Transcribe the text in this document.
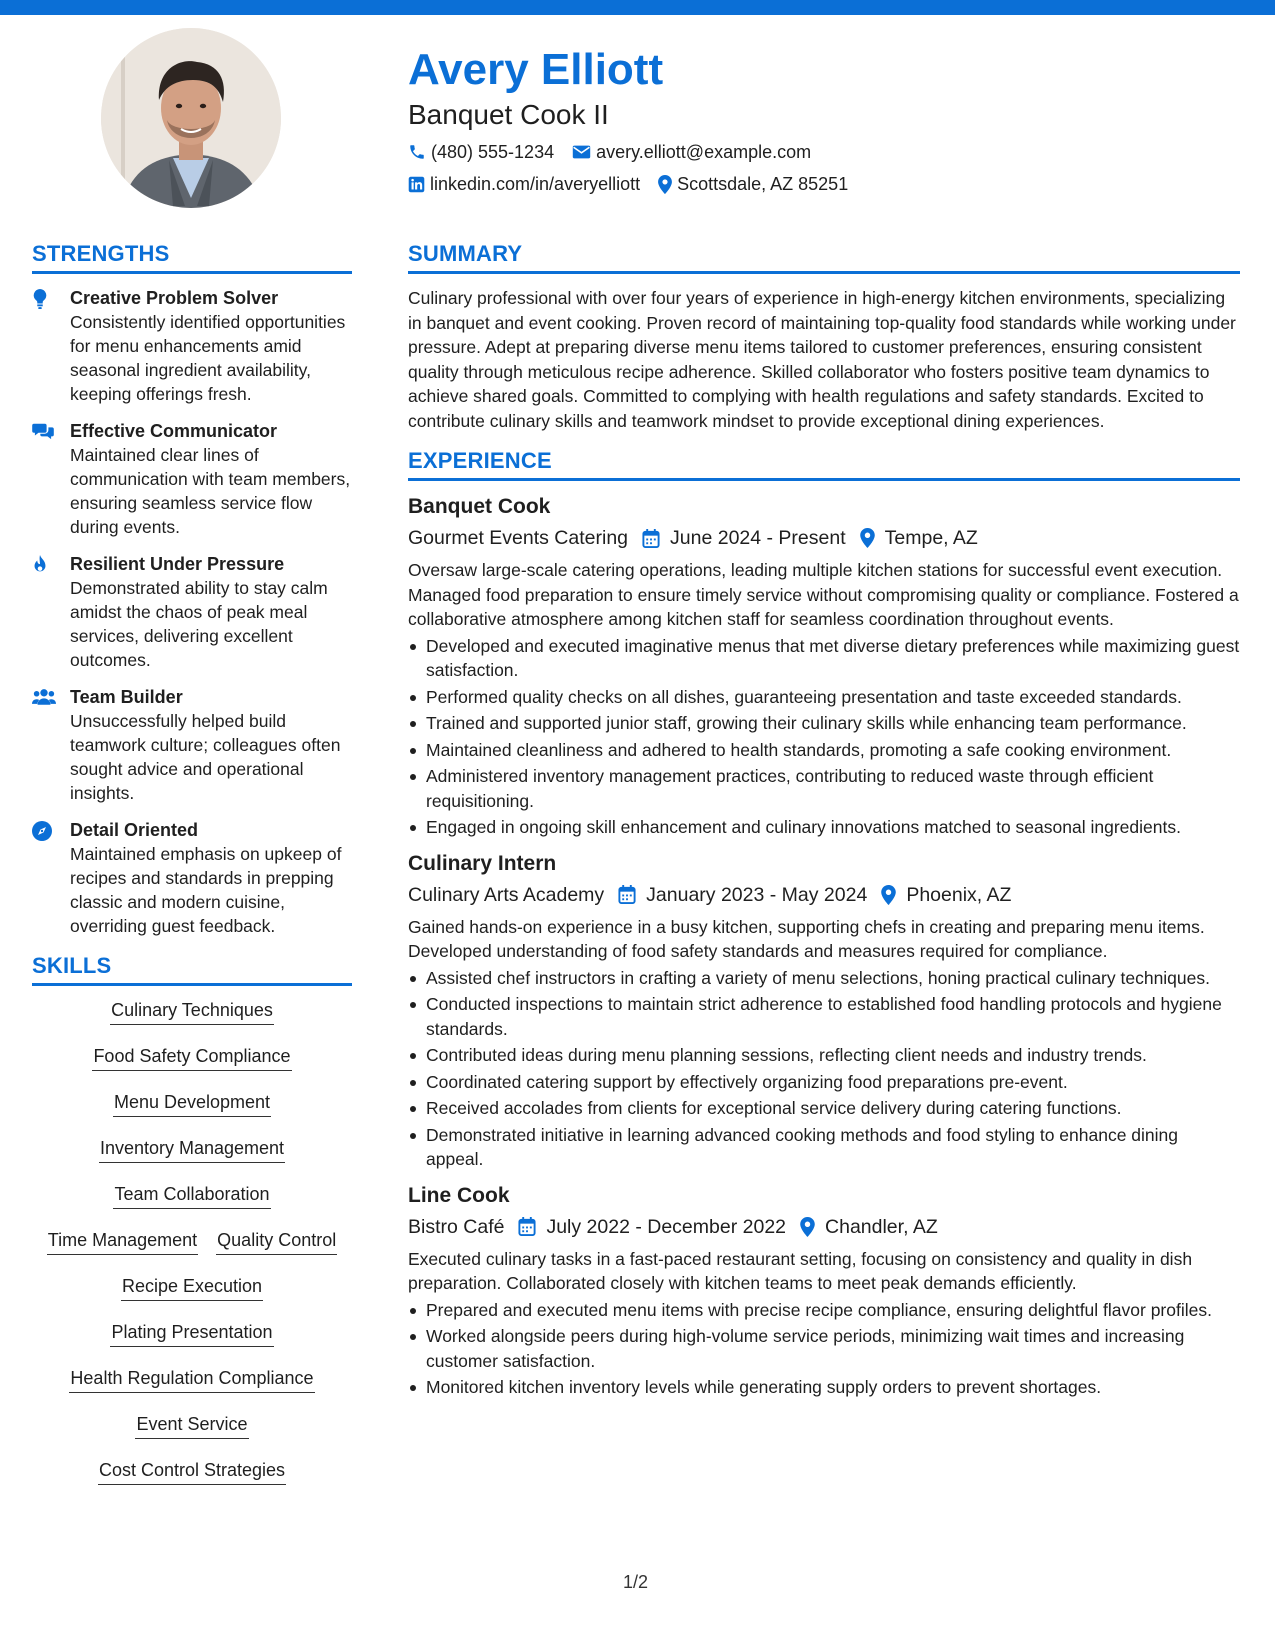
Avery Elliott
Banquet Cook II
(480) 555-1234 avery.elliott@example.com
linkedin.com/in/averyelliott Scottsdale, AZ 85251
STRENGTHS
Creative Problem Solver
Consistently identified opportunities for menu enhancements amid seasonal ingredient availability, keeping offerings fresh.
Effective Communicator
Maintained clear lines of communication with team members, ensuring seamless service flow during events.
Resilient Under Pressure
Demonstrated ability to stay calm amidst the chaos of peak meal services, delivering excellent outcomes.
Team Builder
Unsuccessfully helped build teamwork culture; colleagues often sought advice and operational insights.
Detail Oriented
Maintained emphasis on upkeep of recipes and standards in prepping classic and modern cuisine, overriding guest feedback.
SKILLS
Culinary Techniques
Food Safety Compliance
Menu Development
Inventory Management
Team Collaboration
Time Management Quality Control
Recipe Execution
Plating Presentation
Health Regulation Compliance
Event Service
Cost Control Strategies
SUMMARY
Culinary professional with over four years of experience in high-energy kitchen environments, specializing in banquet and event cooking. Proven record of maintaining top-quality food standards while working under pressure. Adept at preparing diverse menu items tailored to customer preferences, ensuring consistent quality through meticulous recipe adherence. Skilled collaborator who fosters positive team dynamics to achieve shared goals. Committed to complying with health regulations and safety standards. Excited to contribute culinary skills and teamwork mindset to provide exceptional dining experiences.
EXPERIENCE
Banquet Cook
Gourmet Events Catering June 2024 - Present Tempe, AZ
Oversaw large-scale catering operations, leading multiple kitchen stations for successful event execution. Managed food preparation to ensure timely service without compromising quality or compliance. Fostered a collaborative atmosphere among kitchen staff for seamless coordination throughout events.
Developed and executed imaginative menus that met diverse dietary preferences while maximizing guest satisfaction.
Performed quality checks on all dishes, guaranteeing presentation and taste exceeded standards.
Trained and supported junior staff, growing their culinary skills while enhancing team performance.
Maintained cleanliness and adhered to health standards, promoting a safe cooking environment.
Administered inventory management practices, contributing to reduced waste through efficient requisitioning.
Engaged in ongoing skill enhancement and culinary innovations matched to seasonal ingredients.
Culinary Intern
Culinary Arts Academy January 2023 - May 2024 Phoenix, AZ
Gained hands-on experience in a busy kitchen, supporting chefs in creating and preparing menu items. Developed understanding of food safety standards and measures required for compliance.
Assisted chef instructors in crafting a variety of menu selections, honing practical culinary techniques.
Conducted inspections to maintain strict adherence to established food handling protocols and hygiene standards.
Contributed ideas during menu planning sessions, reflecting client needs and industry trends.
Coordinated catering support by effectively organizing food preparations pre-event.
Received accolades from clients for exceptional service delivery during catering functions.
Demonstrated initiative in learning advanced cooking methods and food styling to enhance dining appeal.
Line Cook
Bistro Café July 2022 - December 2022 Chandler, AZ
Executed culinary tasks in a fast-paced restaurant setting, focusing on consistency and quality in dish preparation. Collaborated closely with kitchen teams to meet peak demands efficiently.
Prepared and executed menu items with precise recipe compliance, ensuring delightful flavor profiles.
Worked alongside peers during high-volume service periods, minimizing wait times and increasing customer satisfaction.
Monitored kitchen inventory levels while generating supply orders to prevent shortages.
1/2
